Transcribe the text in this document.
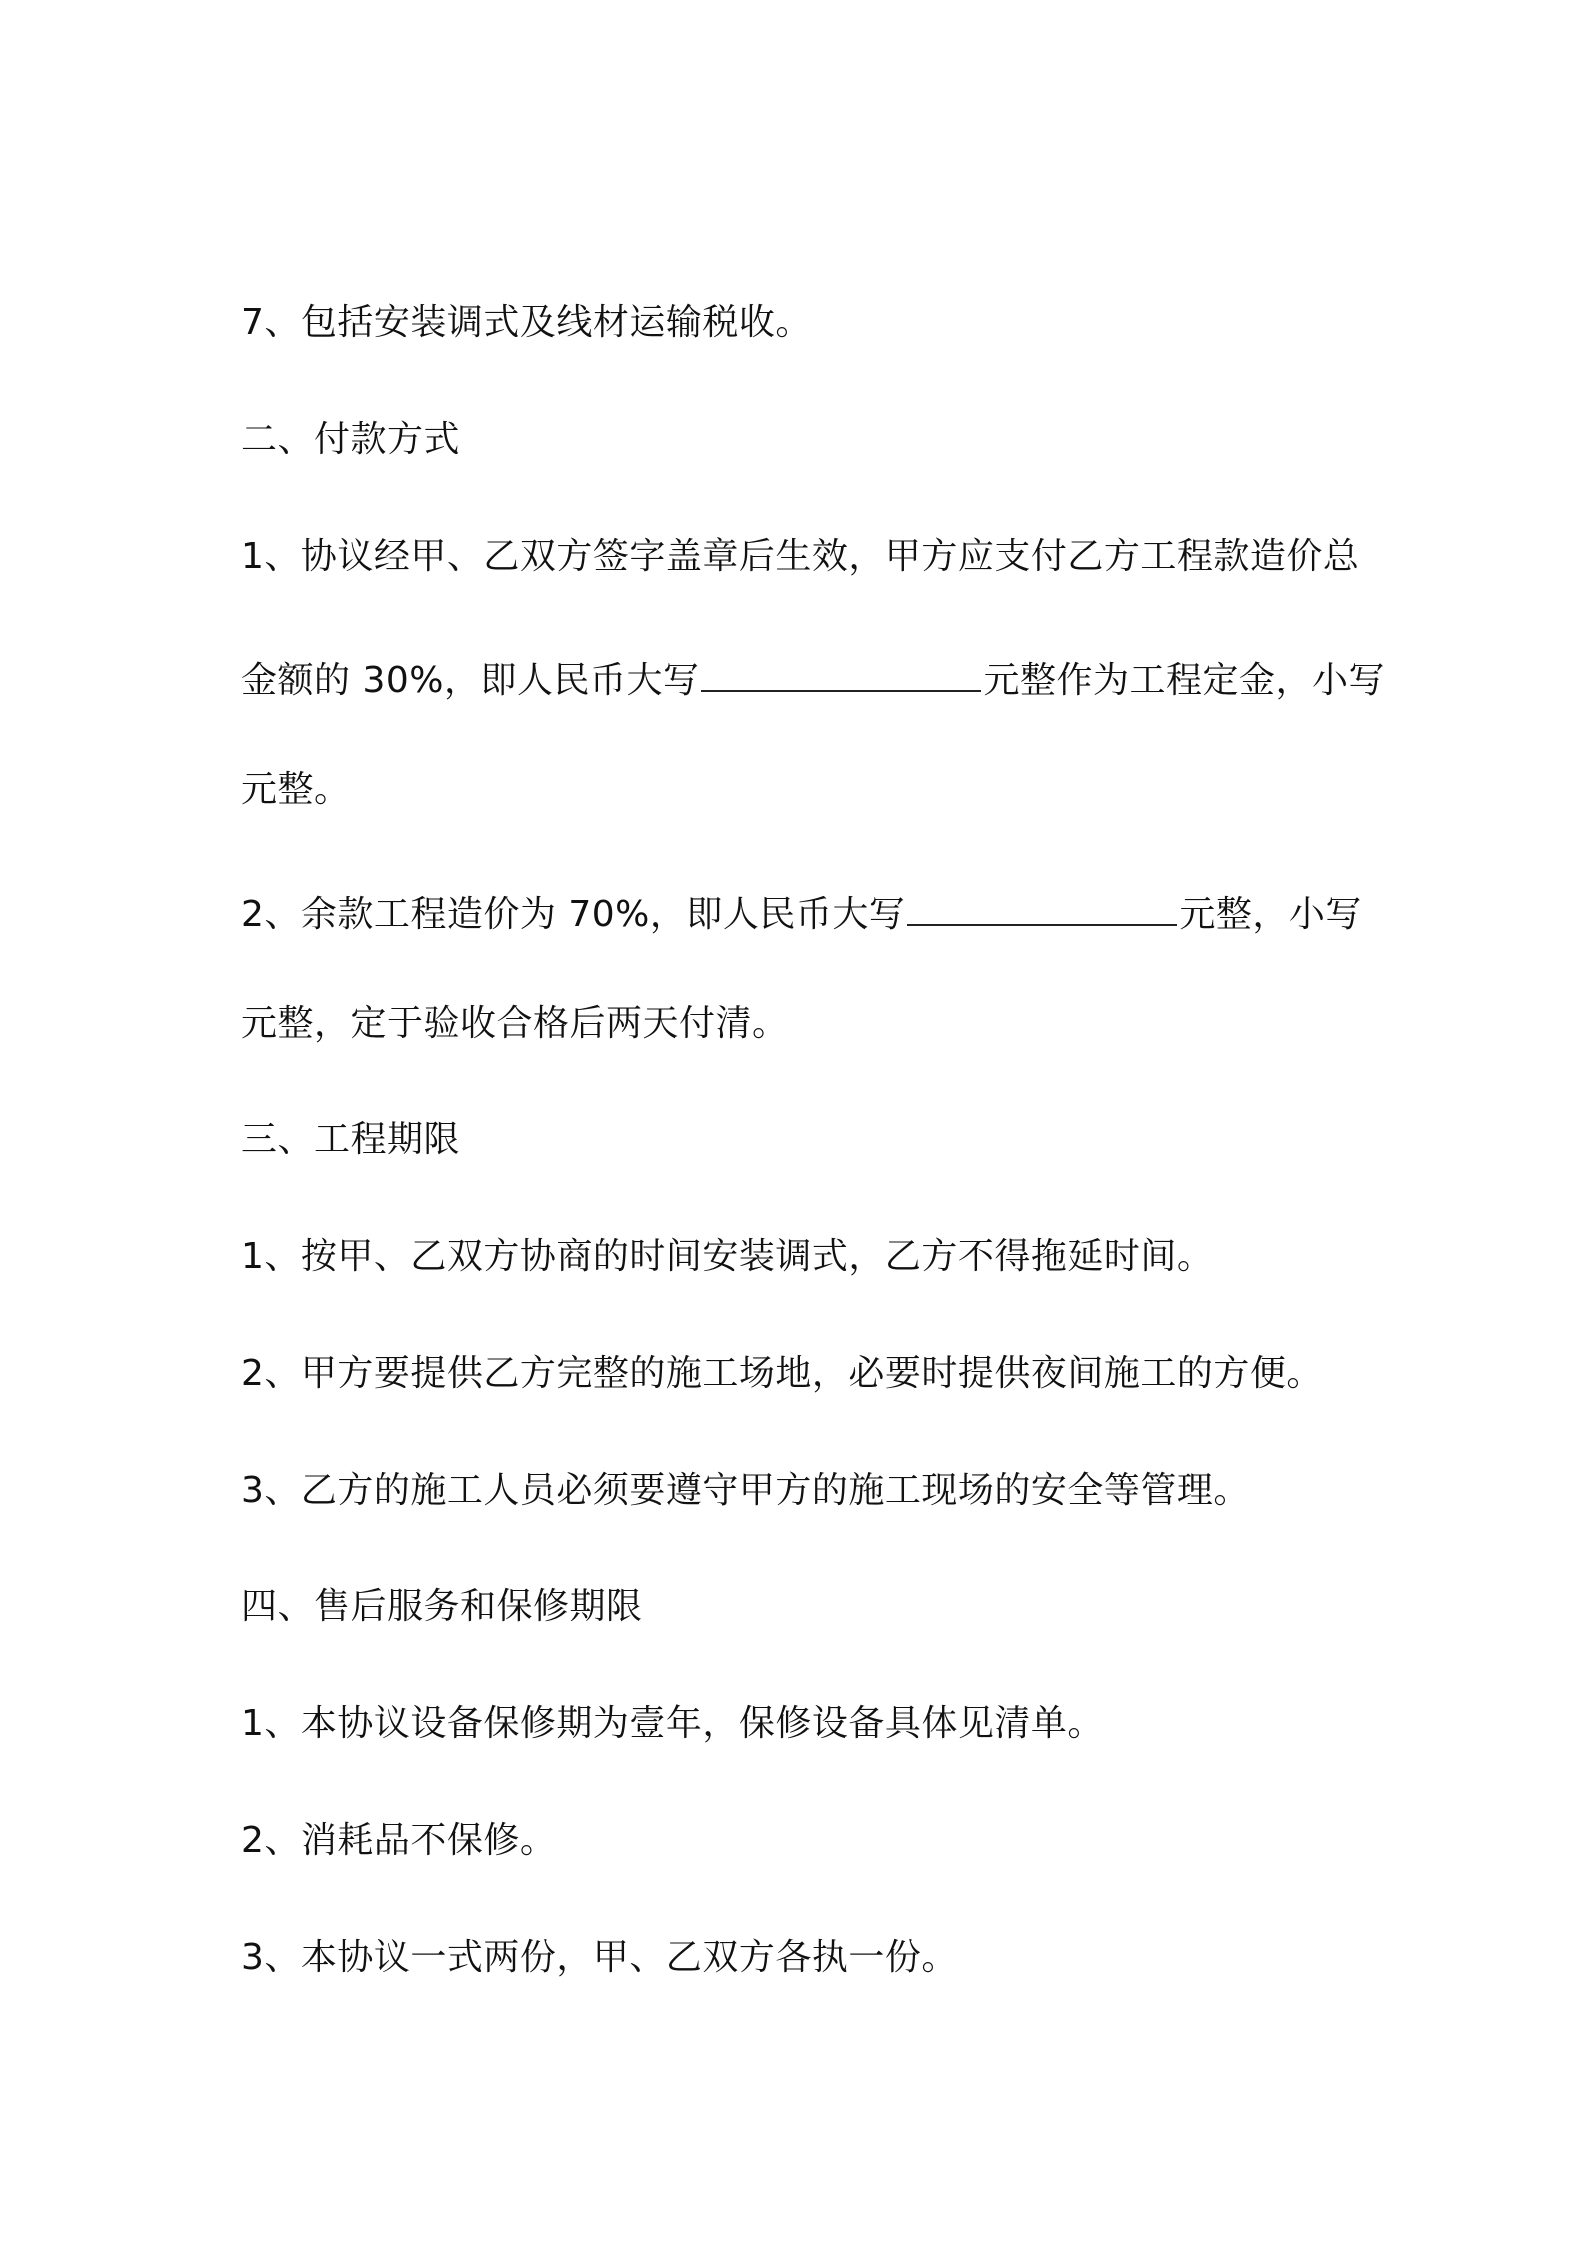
7、包括安装调式及线材运输税收。
二、付款方式
1、协议经甲、乙双方签字盖章后生效，甲方应支付乙方工程款造价总
金额的 30%，即人民币大写	元整作为工程定金，小写
元整。
2、余款工程造价为 70%，即人民币大写	元整，小写
元整，定于验收合格后两天付清。
三、工程期限
1、按甲、乙双方协商的时间安装调式，乙方不得拖延时间。
2、甲方要提供乙方完整的施工场地，必要时提供夜间施工的方便。
3、乙方的施工人员必须要遵守甲方的施工现场的安全等管理。
四、售后服务和保修期限
1、本协议设备保修期为壹年，保修设备具体见清单。
2、消耗品不保修。
3、本协议一式两份，甲、乙双方各执一份。
